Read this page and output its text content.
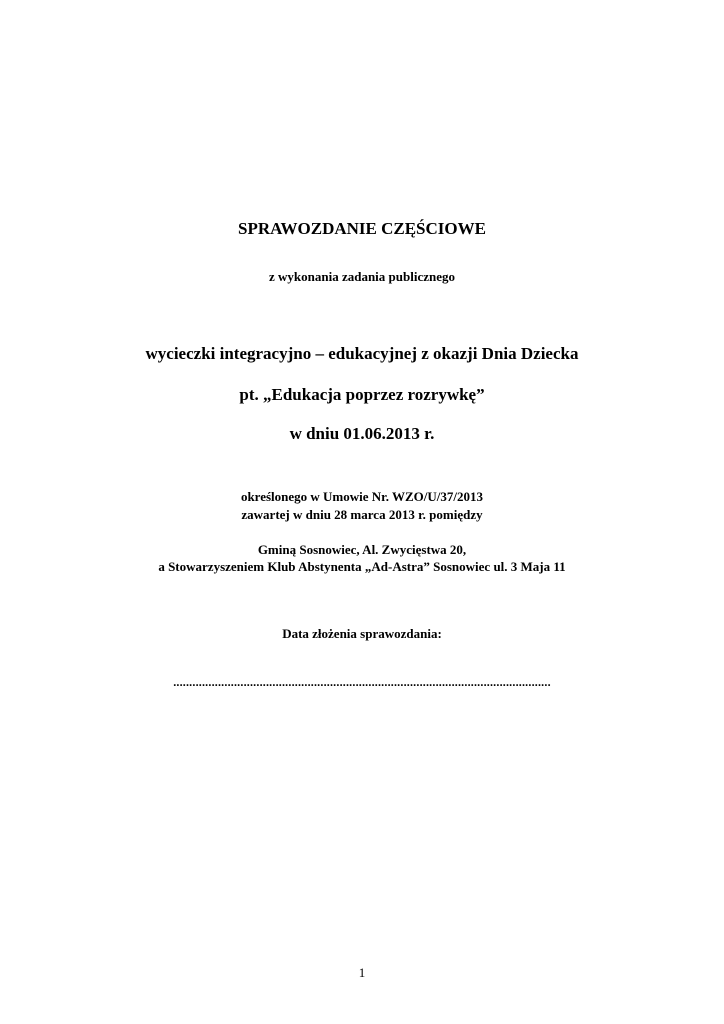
SPRAWOZDANIE CZĘŚCIOWE
z wykonania zadania publicznego
wycieczki integracyjno – edukacyjnej z okazji Dnia Dziecka
pt. „Edukacja poprzez rozrywkę”
w dniu 01.06.2013 r.
określonego w Umowie Nr. WZO/U/37/2013
zawartej w dniu 28 marca 2013 r. pomiędzy
Gminą Sosnowiec, Al. Zwycięstwa 20,
a Stowarzyszeniem Klub Abstynenta „Ad-Astra” Sosnowiec ul. 3 Maja 11
Data złożenia sprawozdania:
......................................................................................................................
1
